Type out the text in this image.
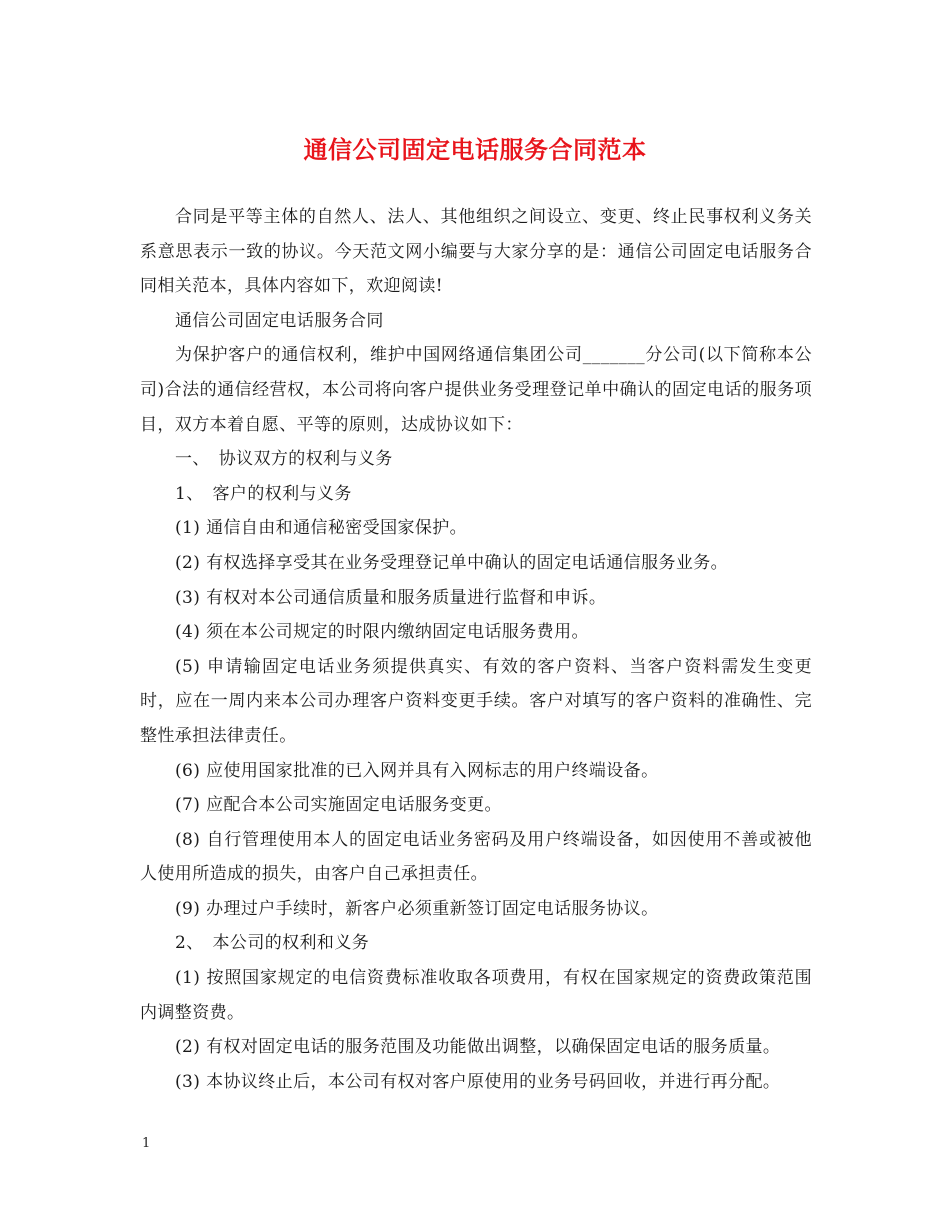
通信公司固定电话服务合同范本

合同是平等主体的自然人、法人、其他组织之间设立、变更、终止民事权利义务关系意思表示一致的协议。今天范文网小编要与大家分享的是：通信公司固定电话服务合同相关范本，具体内容如下，欢迎阅读!

通信公司固定电话服务合同

为保护客户的通信权利，维护中国网络通信集团公司_______分公司(以下简称本公司)合法的通信经营权，本公司将向客户提供业务受理登记单中确认的固定电话的服务项目，双方本着自愿、平等的原则，达成协议如下：

一、　协议双方的权利与义务

1、　客户的权利与义务

(1) 通信自由和通信秘密受国家保护。

(2) 有权选择享受其在业务受理登记单中确认的固定电话通信服务业务。

(3) 有权对本公司通信质量和服务质量进行监督和申诉。

(4) 须在本公司规定的时限内缴纳固定电话服务费用。

(5) 申请输固定电话业务须提供真实、有效的客户资料、当客户资料需发生变更时，应在一周内来本公司办理客户资料变更手续。客户对填写的客户资料的准确性、完整性承担法律责任。

(6) 应使用国家批准的已入网并具有入网标志的用户终端设备。

(7) 应配合本公司实施固定电话服务变更。

(8) 自行管理使用本人的固定电话业务密码及用户终端设备，如因使用不善或被他人使用所造成的损失，由客户自己承担责任。

(9) 办理过户手续时，新客户必须重新签订固定电话服务协议。

2、　本公司的权利和义务

(1) 按照国家规定的电信资费标准收取各项费用，有权在国家规定的资费政策范围内调整资费。

(2) 有权对固定电话的服务范围及功能做出调整，以确保固定电话的服务质量。

(3) 本协议终止后，本公司有权对客户原使用的业务号码回收，并进行再分配。

1
